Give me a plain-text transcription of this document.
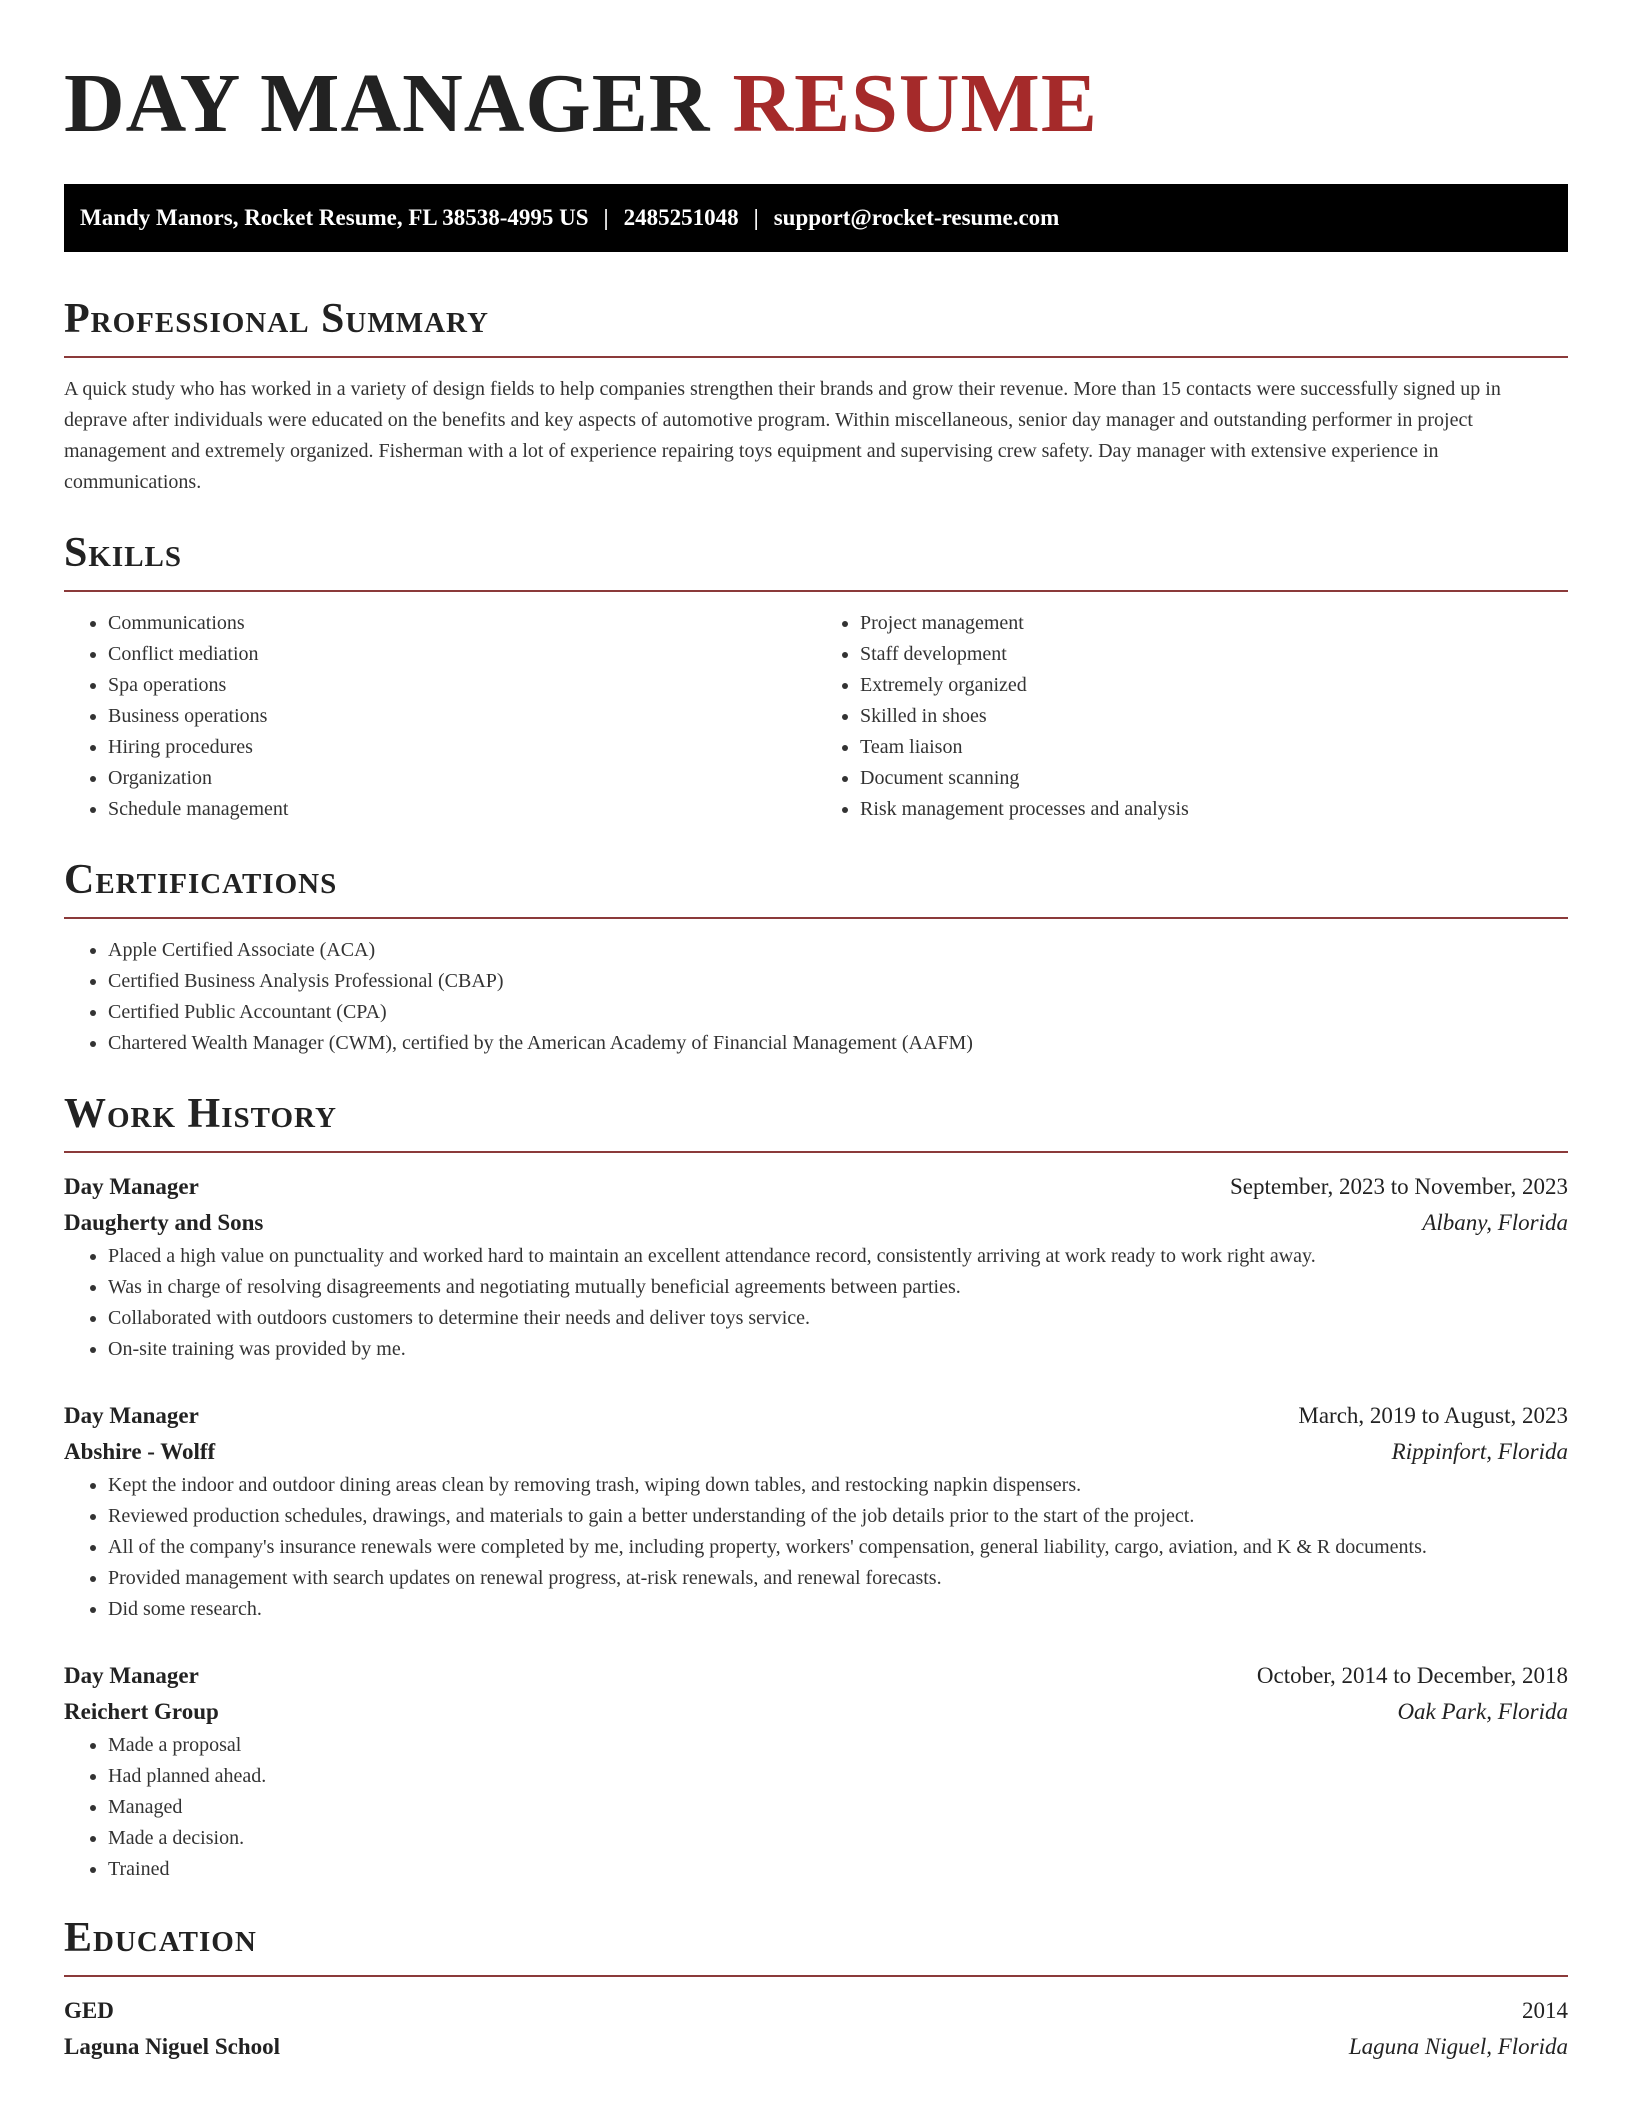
DAY MANAGER RESUME
Mandy Manors, Rocket Resume, FL 38538-4995 US | 2485251048 | support@rocket-resume.com
Professional Summary

A quick study who has worked in a variety of design fields to help companies strengthen their brands and grow their revenue. More than 15 contacts were successfully signed up in deprave after individuals were educated on the benefits and key aspects of automotive program. Within miscellaneous, senior day manager and outstanding performer in project management and extremely organized. Fisherman with a lot of experience repairing toys equipment and supervising crew safety. Day manager with extensive experience in communications.

Skills
• Communications
• Conflict mediation
• Spa operations
• Business operations
• Hiring procedures
• Organization
• Schedule management
• Project management
• Staff development
• Extremely organized
• Skilled in shoes
• Team liaison
• Document scanning
• Risk management processes and analysis
Certifications
• Apple Certified Associate (ACA)
• Certified Business Analysis Professional (CBAP)
• Certified Public Accountant (CPA)
• Chartered Wealth Manager (CWM), certified by the American Academy of Financial Management (AAFM)
Work History
Day Manager	September, 2023 to November, 2023
Daugherty and Sons	Albany, Florida
• Placed a high value on punctuality and worked hard to maintain an excellent attendance record, consistently arriving at work ready to work right away.
• Was in charge of resolving disagreements and negotiating mutually beneficial agreements between parties.
• Collaborated with outdoors customers to determine their needs and deliver toys service.
• On-site training was provided by me.
Day Manager	March, 2019 to August, 2023
Abshire - Wolff	Rippinfort, Florida
• Kept the indoor and outdoor dining areas clean by removing trash, wiping down tables, and restocking napkin dispensers.
• Reviewed production schedules, drawings, and materials to gain a better understanding of the job details prior to the start of the project.
• All of the company's insurance renewals were completed by me, including property, workers' compensation, general liability, cargo, aviation, and K & R documents.
• Provided management with search updates on renewal progress, at-risk renewals, and renewal forecasts.
• Did some research.
Day Manager	October, 2014 to December, 2018
Reichert Group	Oak Park, Florida
• Made a proposal
• Had planned ahead.
• Managed
• Made a decision.
• Trained
Education
GED	2014
Laguna Niguel School	Laguna Niguel, Florida
